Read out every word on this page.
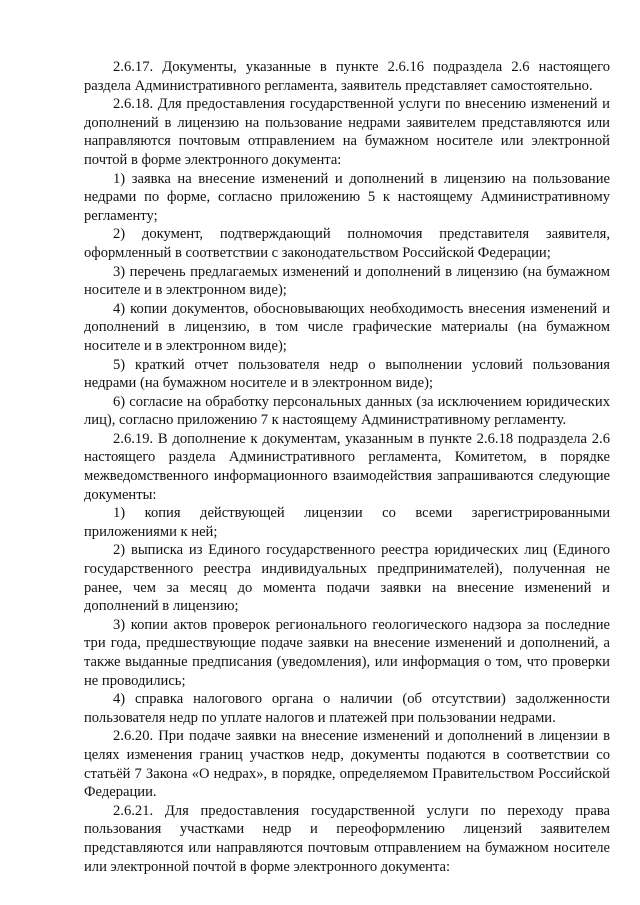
2.6.17. Документы, указанные в пункте 2.6.16 подраздела 2.6 настоящего раздела Административного регламента, заявитель представляет самостоятельно.

2.6.18. Для предоставления государственной услуги по внесению изменений и дополнений в лицензию на пользование недрами заявителем представляются или направляются почтовым отправлением на бумажном носителе или электронной почтой в форме электронного документа:

1) заявка на внесение изменений и дополнений в лицензию на пользование недрами по форме, согласно приложению 5 к настоящему Административному регламенту;

2) документ, подтверждающий полномочия представителя заявителя, оформленный в соответствии с законодательством Российской Федерации;

3) перечень предлагаемых изменений и дополнений в лицензию (на бумажном носителе и в электронном виде);

4) копии документов, обосновывающих необходимость внесения изменений и дополнений в лицензию, в том числе графические материалы (на бумажном носителе и в электронном виде);

5) краткий отчет пользователя недр о выполнении условий пользования недрами (на бумажном носителе и в электронном виде);

6) согласие на обработку персональных данных (за исключением юридических лиц), согласно приложению 7 к настоящему Административному регламенту.

2.6.19. В дополнение к документам, указанным в пункте 2.6.18 подраздела 2.6 настоящего раздела Административного регламента, Комитетом, в порядке межведомственного информационного взаимодействия запрашиваются следующие документы:

1) копия действующей лицензии со всеми зарегистрированными приложениями к ней;

2) выписка из Единого государственного реестра юридических лиц (Единого государственного реестра индивидуальных предпринимателей), полученная не ранее, чем за месяц до момента подачи заявки на внесение изменений и дополнений в лицензию;

3) копии актов проверок регионального геологического надзора за последние три года, предшествующие подаче заявки на внесение изменений и дополнений, а также выданные предписания (уведомления), или информация о том, что проверки не проводились;

4) справка налогового органа о наличии (об отсутствии) задолженности пользователя недр по уплате налогов и платежей при пользовании недрами.

2.6.20. При подаче заявки на внесение изменений и дополнений в лицензии в целях изменения границ участков недр, документы подаются в соответствии со статьёй 7 Закона «О недрах», в порядке, определяемом Правительством Российской Федерации.

2.6.21. Для предоставления государственной услуги по переходу права пользования участками недр и переоформлению лицензий заявителем представляются или направляются почтовым отправлением на бумажном носителе или электронной почтой в форме электронного документа:
